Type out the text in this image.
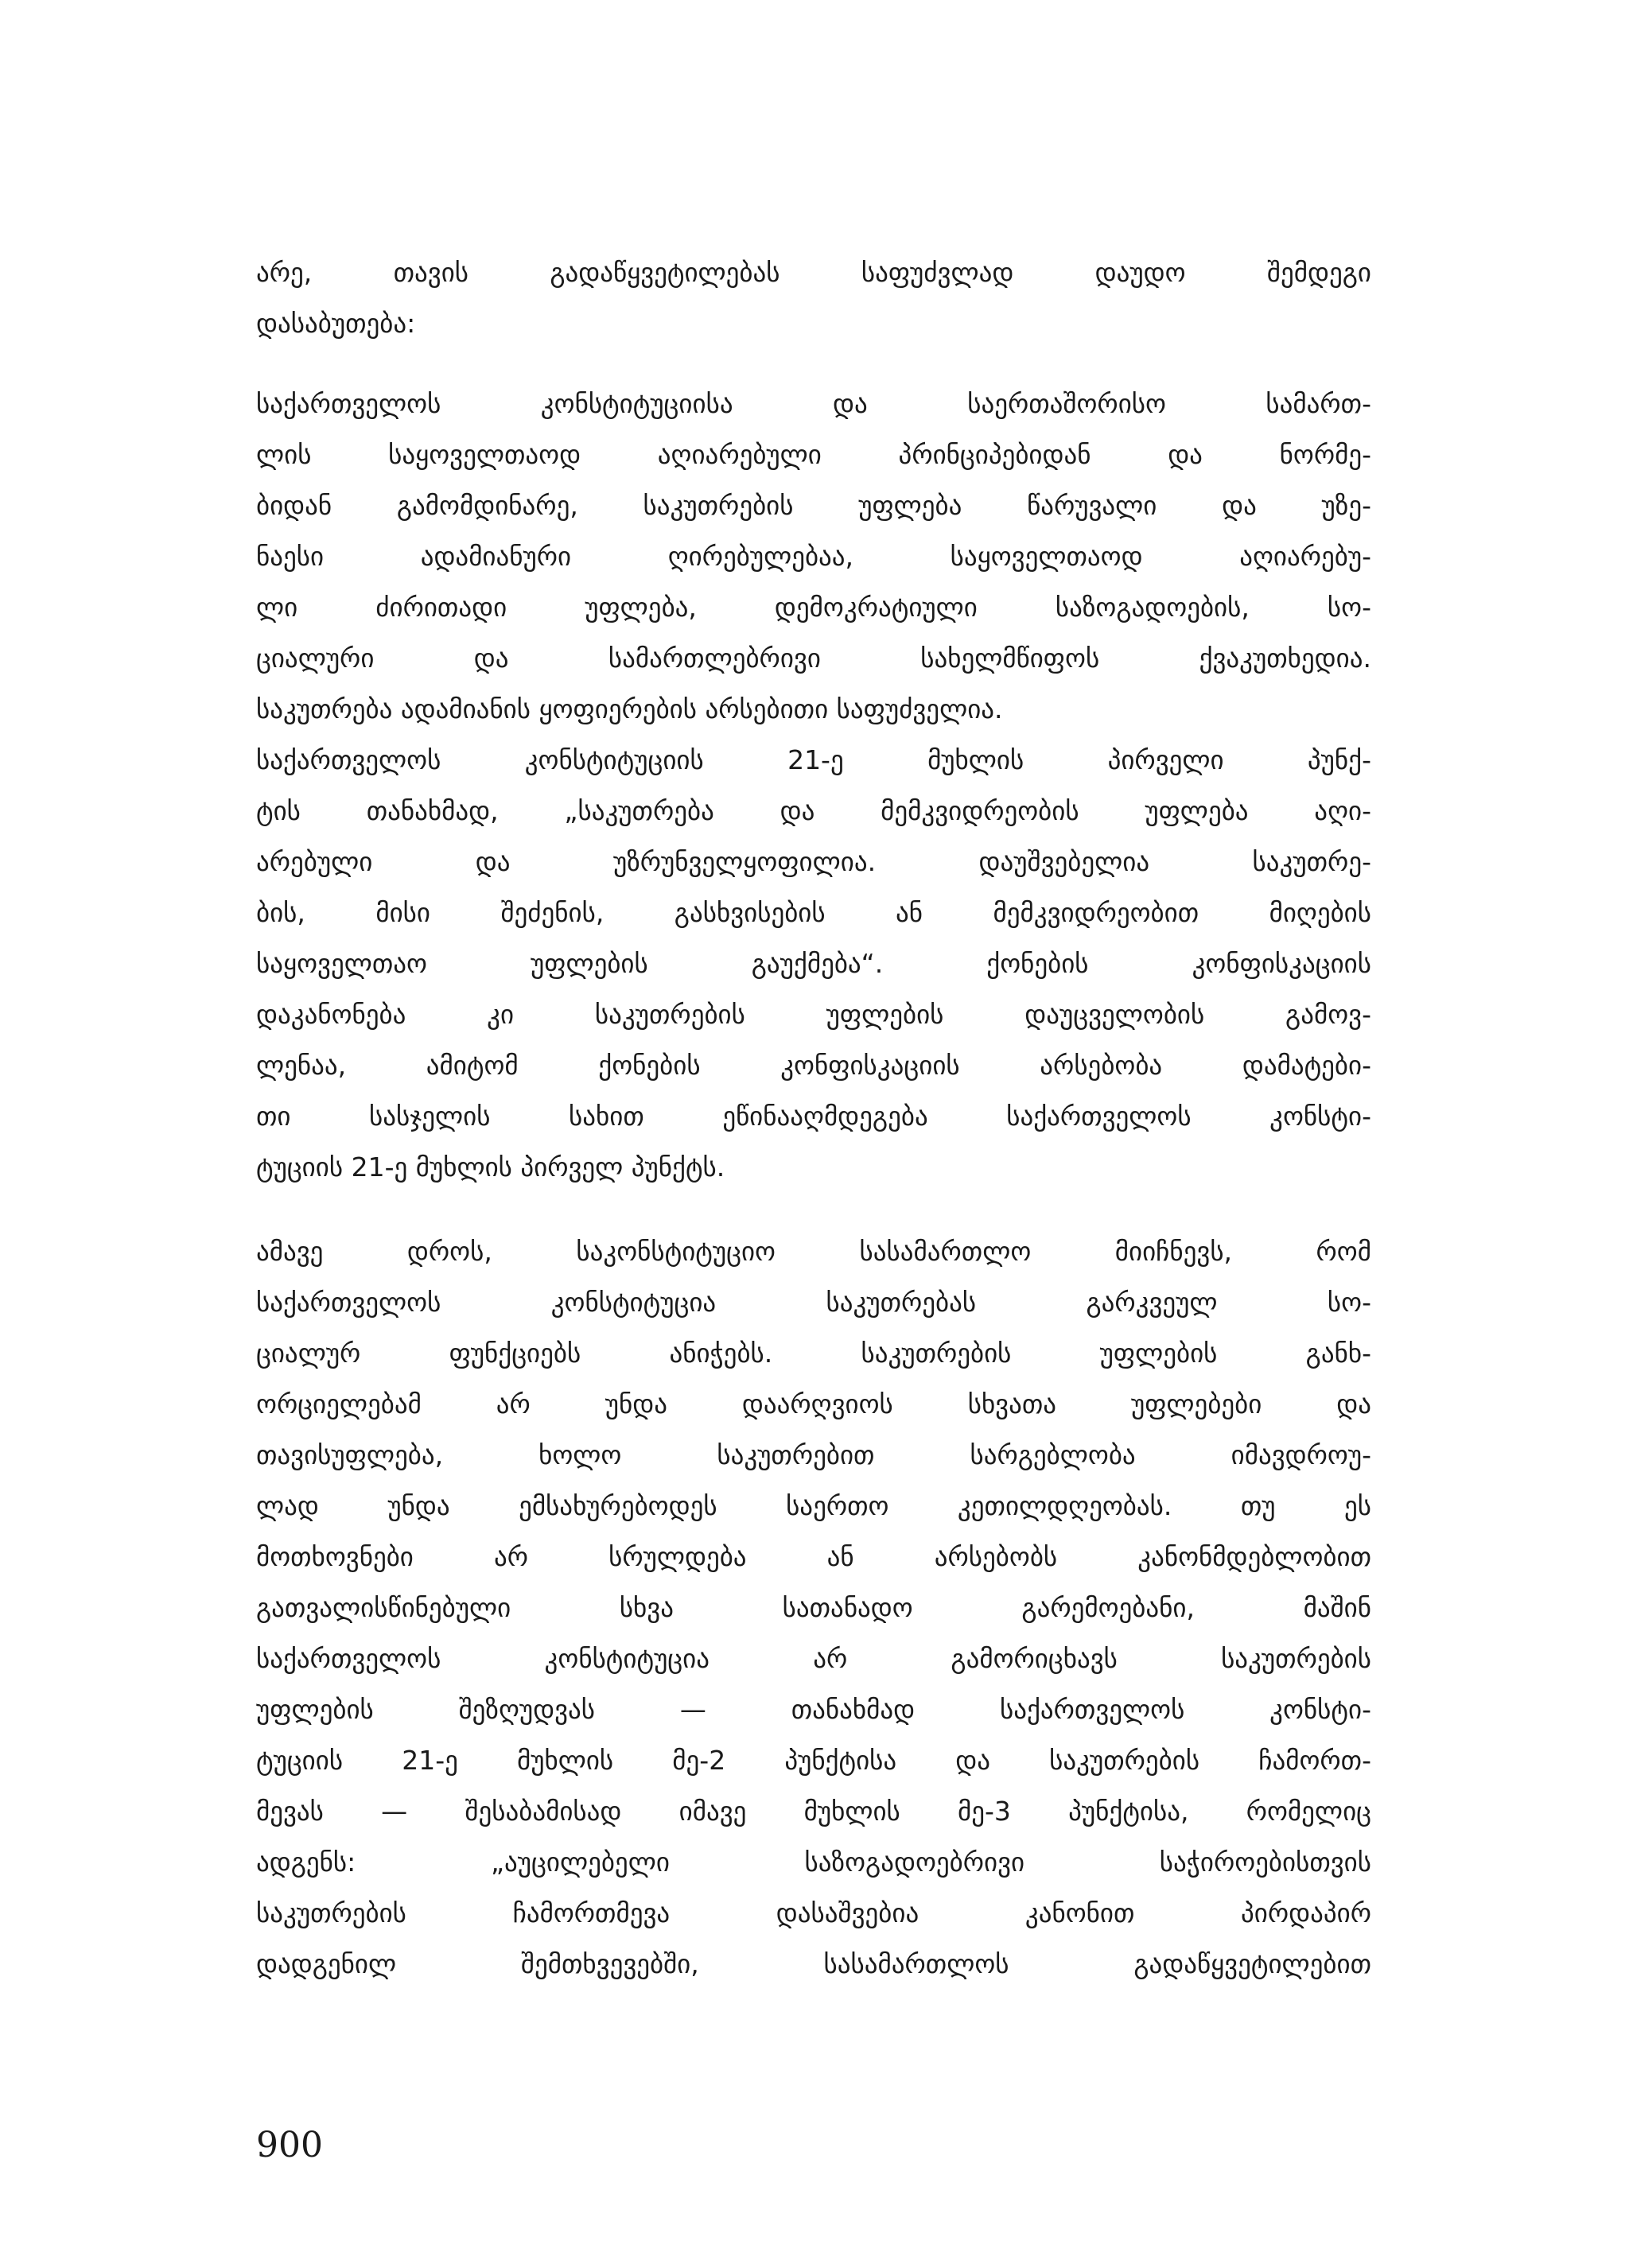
არე, თავის გადაწყვეტილებას საფუძვლად დაუდო შემდეგი
დასაბუთება:
საქართველოს კონსტიტუციისა და საერთაშორისო სამართ-
ლის საყოველთაოდ აღიარებული პრინციპებიდან და ნორმე-
ბიდან გამომდინარე, საკუთრების უფლება წარუვალი და უზე-
ნაესი ადამიანური ღირებულებაა, საყოველთაოდ აღიარებუ-
ლი ძირითადი უფლება, დემოკრატიული საზოგადოების, სო-
ციალური და სამართლებრივი სახელმწიფოს ქვაკუთხედია.
საკუთრება ადამიანის ყოფიერების არსებითი საფუძველია.
საქართველოს კონსტიტუციის 21-ე მუხლის პირველი პუნქ-
ტის თანახმად, „საკუთრება და მემკვიდრეობის უფლება აღი-
არებული და უზრუნველყოფილია. დაუშვებელია საკუთრე-
ბის, მისი შეძენის, გასხვისების ან მემკვიდრეობით მიღების
საყოველთაო უფლების გაუქმება“. ქონების კონფისკაციის
დაკანონება კი საკუთრების უფლების დაუცველობის გამოვ-
ლენაა, ამიტომ ქონების კონფისკაციის არსებობა დამატები-
თი სასჯელის სახით ეწინააღმდეგება საქართველოს კონსტი-
ტუციის 21-ე მუხლის პირველ პუნქტს.
ამავე დროს, საკონსტიტუციო სასამართლო მიიჩნევს, რომ
საქართველოს კონსტიტუცია საკუთრებას გარკვეულ სო-
ციალურ ფუნქციებს ანიჭებს. საკუთრების უფლების განხ-
ორციელებამ არ უნდა დაარღვიოს სხვათა უფლებები და
თავისუფლება, ხოლო საკუთრებით სარგებლობა იმავდროუ-
ლად უნდა ემსახურებოდეს საერთო კეთილდღეობას. თუ ეს
მოთხოვნები არ სრულდება ან არსებობს კანონმდებლობით
გათვალისწინებული სხვა სათანადო გარემოებანი, მაშინ
საქართველოს კონსტიტუცია არ გამორიცხავს საკუთრების
უფლების შეზღუდვას — თანახმად საქართველოს კონსტი-
ტუციის 21-ე მუხლის მე-2 პუნქტისა და საკუთრების ჩამორთ-
მევას — შესაბამისად იმავე მუხლის მე-3 პუნქტისა, რომელიც
ადგენს: „აუცილებელი საზოგადოებრივი საჭიროებისთვის
საკუთრების ჩამორთმევა დასაშვებია კანონით პირდაპირ
დადგენილ შემთხვევებში, სასამართლოს გადაწყვეტილებით
900
